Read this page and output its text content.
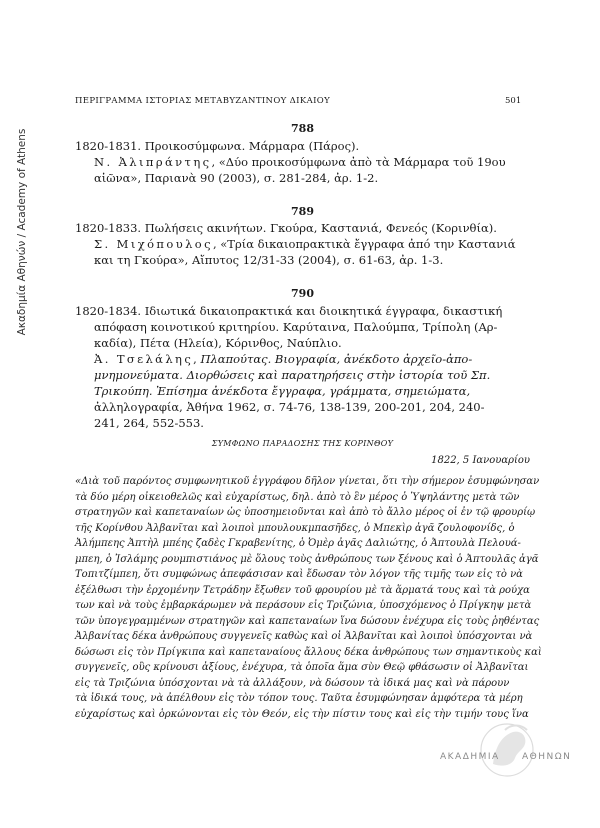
Ακαδημία Αθηνών / Academy of Athens
ΠΕΡΙΓΡΑΜΜΑ ΙΣΤΟΡΙΑΣ ΜΕΤΑΒΥΖΑΝΤΙΝΟΥ ΔΙΚΑΙΟΥ	501
788
1820-1831. Προικοσύμφωνα. Μάρμαρα (Πάρος).
Ν. Ἀλιπράντης, «Δύο προικοσύμφωνα ἀπὸ τὰ Μάρμαρα τοῦ 19ου
αἰῶνα», Παριανὰ 90 (2003), σ. 281-284, ἀρ. 1-2.
789
1820-1833. Πωλήσεις ακινήτων. Γκούρα, Καστανιά, Φενεός (Κορινθία).
Σ. Μιχόπουλος, «Τρία δικαιοπρακτικὰ ἔγγραφα ἀπό την Καστανιά
και τη Γκούρα», Αἴπυτος 12/31-33 (2004), σ. 61-63, ἀρ. 1-3.
790
1820-1834. Ιδιωτικά δικαιοπρακτικά και διοικητικά έγγραφα, δικαστική
απόφαση κοινοτικού κριτηρίου. Καρύταινα, Παλούμπα, Τρίπολη (Αρ-
καδία), Πέτα (Ηλεία), Κόρινθος, Ναύπλιο.
Ἀ. Τσελάλης, Πλαπούτας. Βιογραφία, ἀνέκδοτο ἀρχεῖο-ἀπο-
μνημονεύματα. Διορθώσεις καὶ παρατηρήσεις στὴν ἱστορία τοῦ Σπ.
Τρικούπη. Ἐπίσημα ἀνέκδοτα ἔγγραφα, γράμματα, σημειώματα,
ἀλληλογραφία, Ἀθήνα 1962, σ. 74-76, 138-139, 200-201, 204, 240-
241, 264, 552-553.
ΣΥΜΦΩΝΟ ΠΑΡΑΔΟΣΗΣ ΤΗΣ ΚΟΡΙΝΘΟΥ
1822, 5 Ιανουαρίου
«Διὰ τοῦ παρόντος συμφωνητικοῦ ἐγγράφου δῆλον γίνεται, ὅτι τὴν σήμερον ἐσυμφώνησαν
τὰ δύο μέρη οἰκειοθελῶς καὶ εὐχαρίστως, δηλ. ἀπὸ τὸ ἓν μέρος ὁ Ὑψηλάντης μετὰ τῶν
στρατηγῶν καὶ καπεταναίων ὡς ὑποσημειοῦνται καὶ ἀπὸ τὸ ἄλλο μέρος οἱ ἐν τῷ φρουρίῳ
τῆς Κορίνθου Ἀλβανῖται καὶ λοιποὶ μπουλουκμπασῆδες, ὁ Μπεκὶρ ἀγᾶ ζουλοφονίδς, ὁ
Ἀλήμπεης Ἀπτὴλ μπέης ζαδὲς Γκραβενίτης, ὁ Ὀμὲρ ἀγᾶς Δαλιώτης, ὁ Ἀπτουλὰ Πελουά-
μπεη, ὁ Ἰσλάμης ρουμπιστιάνος μὲ ὅλους τοὺς ἀνθρώπους των ξένους καὶ ὁ Ἀπτουλᾶς ἀγᾶ
Τοπιτζίμπεη, ὅτι συμφώνως ἀπεφάσισαν καὶ ἔδωσαν τὸν λόγον τῆς τιμῆς των εἰς τὸ νὰ
ἐξέλθωσι τὴν ἐρχομένην Τετράδην ἔξωθεν τοῦ φρουρίου μὲ τὰ ἅρματά τους καὶ τὰ ρούχα
των καὶ νὰ τοὺς ἐμβαρκάρωμεν νὰ περάσουν εἰς Τριζώνια, ὑποσχόμενος ὁ Πρίγκηψ μετὰ
τῶν ὑπογεγραμμένων στρατηγῶν καὶ καπεταναίων ἵνα δώσουν ἐνέχυρα εἰς τοὺς ῥηθέντας
Ἀλβανίτας δέκα ἀνθρώπους συγγενεῖς καθὼς καὶ οἱ Ἀλβανῖται καὶ λοιποὶ ὑπόσχονται νὰ
δώσωσι εἰς τὸν Πρίγκιπα καὶ καπεταναίους ἄλλους δέκα ἀνθρώπους των σημαντικοὺς καὶ
συγγενεῖς, οὓς κρίνουσι ἀξίους, ἐνέχυρα, τὰ ὁποῖα ἅμα σὺν Θεῷ φθάσωσιν οἱ Ἀλβανῖται
εἰς τὰ Τριζώνια ὑπόσχονται νὰ τὰ ἀλλάξουν, νὰ δώσουν τὰ ἰδικά μας καὶ νὰ πάρουν
τὰ ἰδικά τους, νὰ ἀπέλθουν εἰς τὸν τόπον τους. Ταῦτα ἐσυμφώνησαν ἀμφότερα τὰ μέρη
εὐχαρίστως καὶ ὁρκώνονται εἰς τὸν Θεόν, εἰς τὴν πίστιν τους καὶ εἰς τὴν τιμήν τους ἵνα
ΑΚΑΔΗΜΙΑ ΑΘΗΝΩΝ
